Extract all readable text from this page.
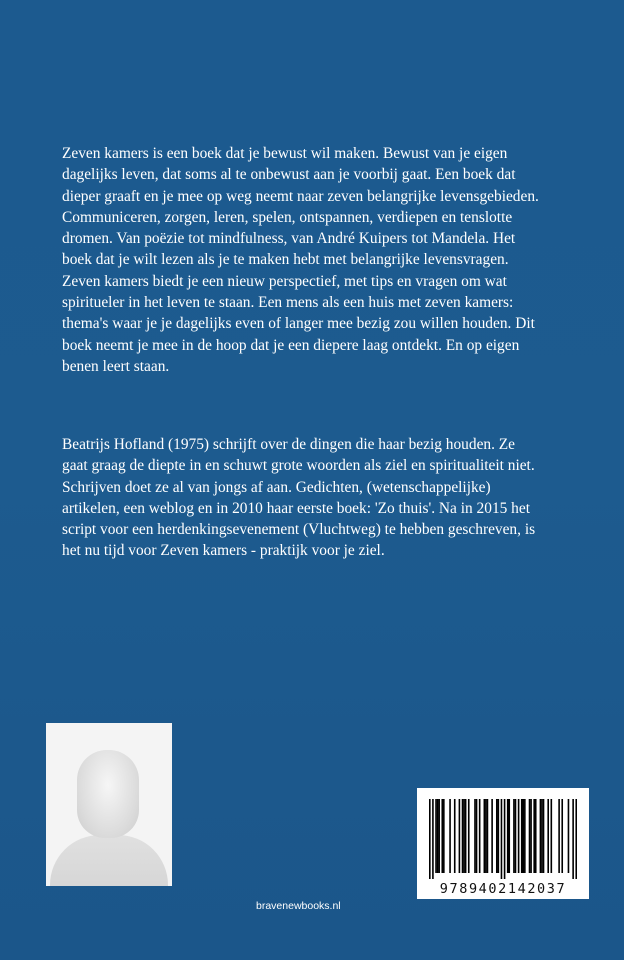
Zeven kamers is een boek dat je bewust wil maken. Bewust van je eigen
dagelijks leven, dat soms al te onbewust aan je voorbij gaat. Een boek dat
dieper graaft en je mee op weg neemt naar zeven belangrijke levensgebieden.
Communiceren, zorgen, leren, spelen, ontspannen, verdiepen en tenslotte
dromen. Van poëzie tot mindfulness, van André Kuipers tot Mandela. Het
boek dat je wilt lezen als je te maken hebt met belangrijke levensvragen.
Zeven kamers biedt je een nieuw perspectief, met tips en vragen om wat
spiritueler in het leven te staan. Een mens als een huis met zeven kamers:
thema's waar je je dagelijks even of langer mee bezig zou willen houden. Dit
boek neemt je mee in de hoop dat je een diepere laag ontdekt. En op eigen
benen leert staan.

Beatrijs Hofland (1975) schrijft over de dingen die haar bezig houden. Ze
gaat graag de diepte in en schuwt grote woorden als ziel en spiritualiteit niet.
Schrijven doet ze al van jongs af aan. Gedichten, (wetenschappelijke)
artikelen, een weblog en in 2010 haar eerste boek: 'Zo thuis'. Na in 2015 het
script voor een herdenkingsevenement (Vluchtweg) te hebben geschreven, is
het nu tijd voor Zeven kamers - praktijk voor je ziel.

9789402142037
bravenewbooks.nl
